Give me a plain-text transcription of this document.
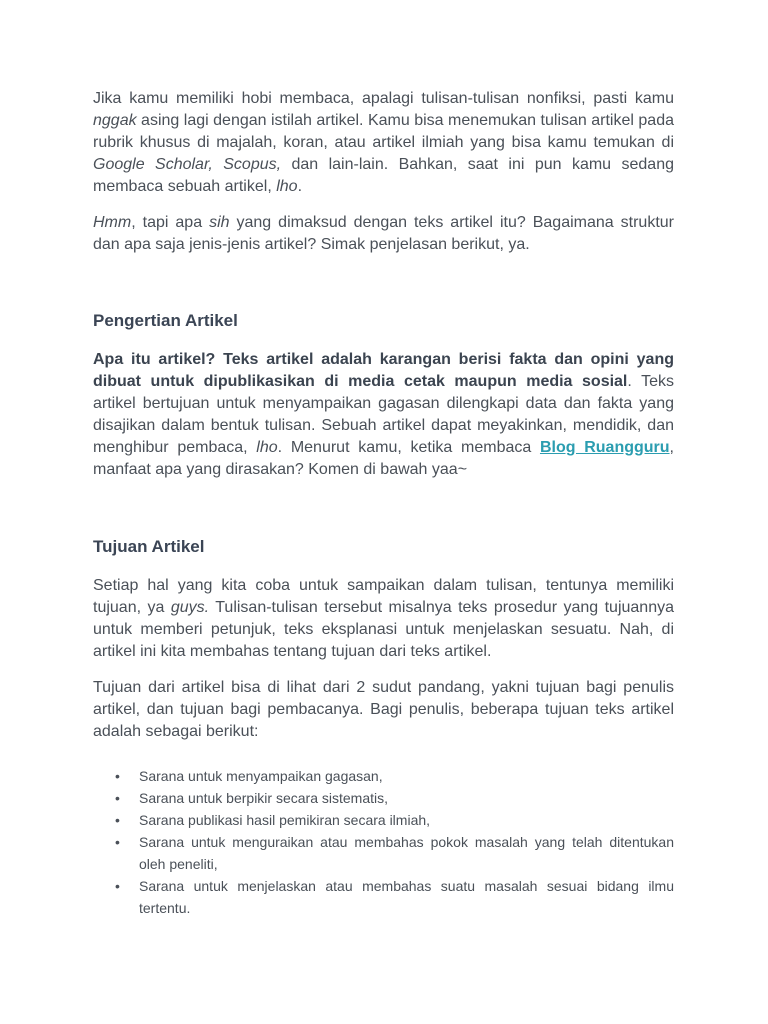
Jika kamu memiliki hobi membaca, apalagi tulisan-tulisan nonfiksi, pasti kamu nggak asing lagi dengan istilah artikel. Kamu bisa menemukan tulisan artikel pada rubrik khusus di majalah, koran, atau artikel ilmiah yang bisa kamu temukan di Google Scholar, Scopus, dan lain-lain. Bahkan, saat ini pun kamu sedang membaca sebuah artikel, lho.

Hmm, tapi apa sih yang dimaksud dengan teks artikel itu? Bagaimana struktur dan apa saja jenis-jenis artikel? Simak penjelasan berikut, ya.

Pengertian Artikel

Apa itu artikel? Teks artikel adalah karangan berisi fakta dan opini yang dibuat untuk dipublikasikan di media cetak maupun media sosial. Teks artikel bertujuan untuk menyampaikan gagasan dilengkapi data dan fakta yang disajikan dalam bentuk tulisan. Sebuah artikel dapat meyakinkan, mendidik, dan menghibur pembaca, lho. Menurut kamu, ketika membaca Blog Ruangguru, manfaat apa yang dirasakan? Komen di bawah yaa~

Tujuan Artikel

Setiap hal yang kita coba untuk sampaikan dalam tulisan, tentunya memiliki tujuan, ya guys. Tulisan-tulisan tersebut misalnya teks prosedur yang tujuannya untuk memberi petunjuk, teks eksplanasi untuk menjelaskan sesuatu. Nah, di artikel ini kita membahas tentang tujuan dari teks artikel.

Tujuan dari artikel bisa di lihat dari 2 sudut pandang, yakni tujuan bagi penulis artikel, dan tujuan bagi pembacanya. Bagi penulis, beberapa tujuan teks artikel adalah sebagai berikut:

• Sarana untuk menyampaikan gagasan,
• Sarana untuk berpikir secara sistematis,
• Sarana publikasi hasil pemikiran secara ilmiah,
• Sarana untuk menguraikan atau membahas pokok masalah yang telah ditentukan oleh peneliti,
• Sarana untuk menjelaskan atau membahas suatu masalah sesuai bidang ilmu tertentu.
